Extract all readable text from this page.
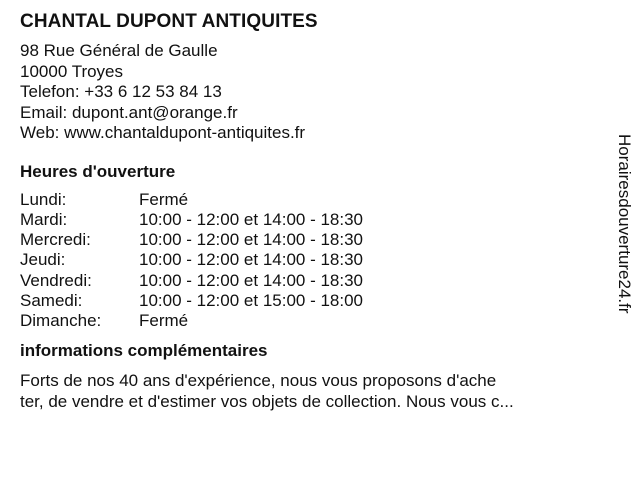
CHANTAL DUPONT ANTIQUITES
98 Rue Général de Gaulle
10000 Troyes
Telefon: +33 6 12 53 84 13
Email: dupont.ant@orange.fr
Web: www.chantaldupont-antiquites.fr
Heures d'ouverture
Lundi:	Fermé
Mardi:	10:00 - 12:00 et 14:00 - 18:30
Mercredi:	10:00 - 12:00 et 14:00 - 18:30
Jeudi:	10:00 - 12:00 et 14:00 - 18:30
Vendredi:	10:00 - 12:00 et 14:00 - 18:30
Samedi:	10:00 - 12:00 et 15:00 - 18:00
Dimanche:	Fermé
informations complémentaires
Forts de nos 40 ans d'expérience, nous vous proposons d'ache
ter, de vendre et d'estimer vos objets de collection. Nous vous c...
Horairesdouverture24.fr
